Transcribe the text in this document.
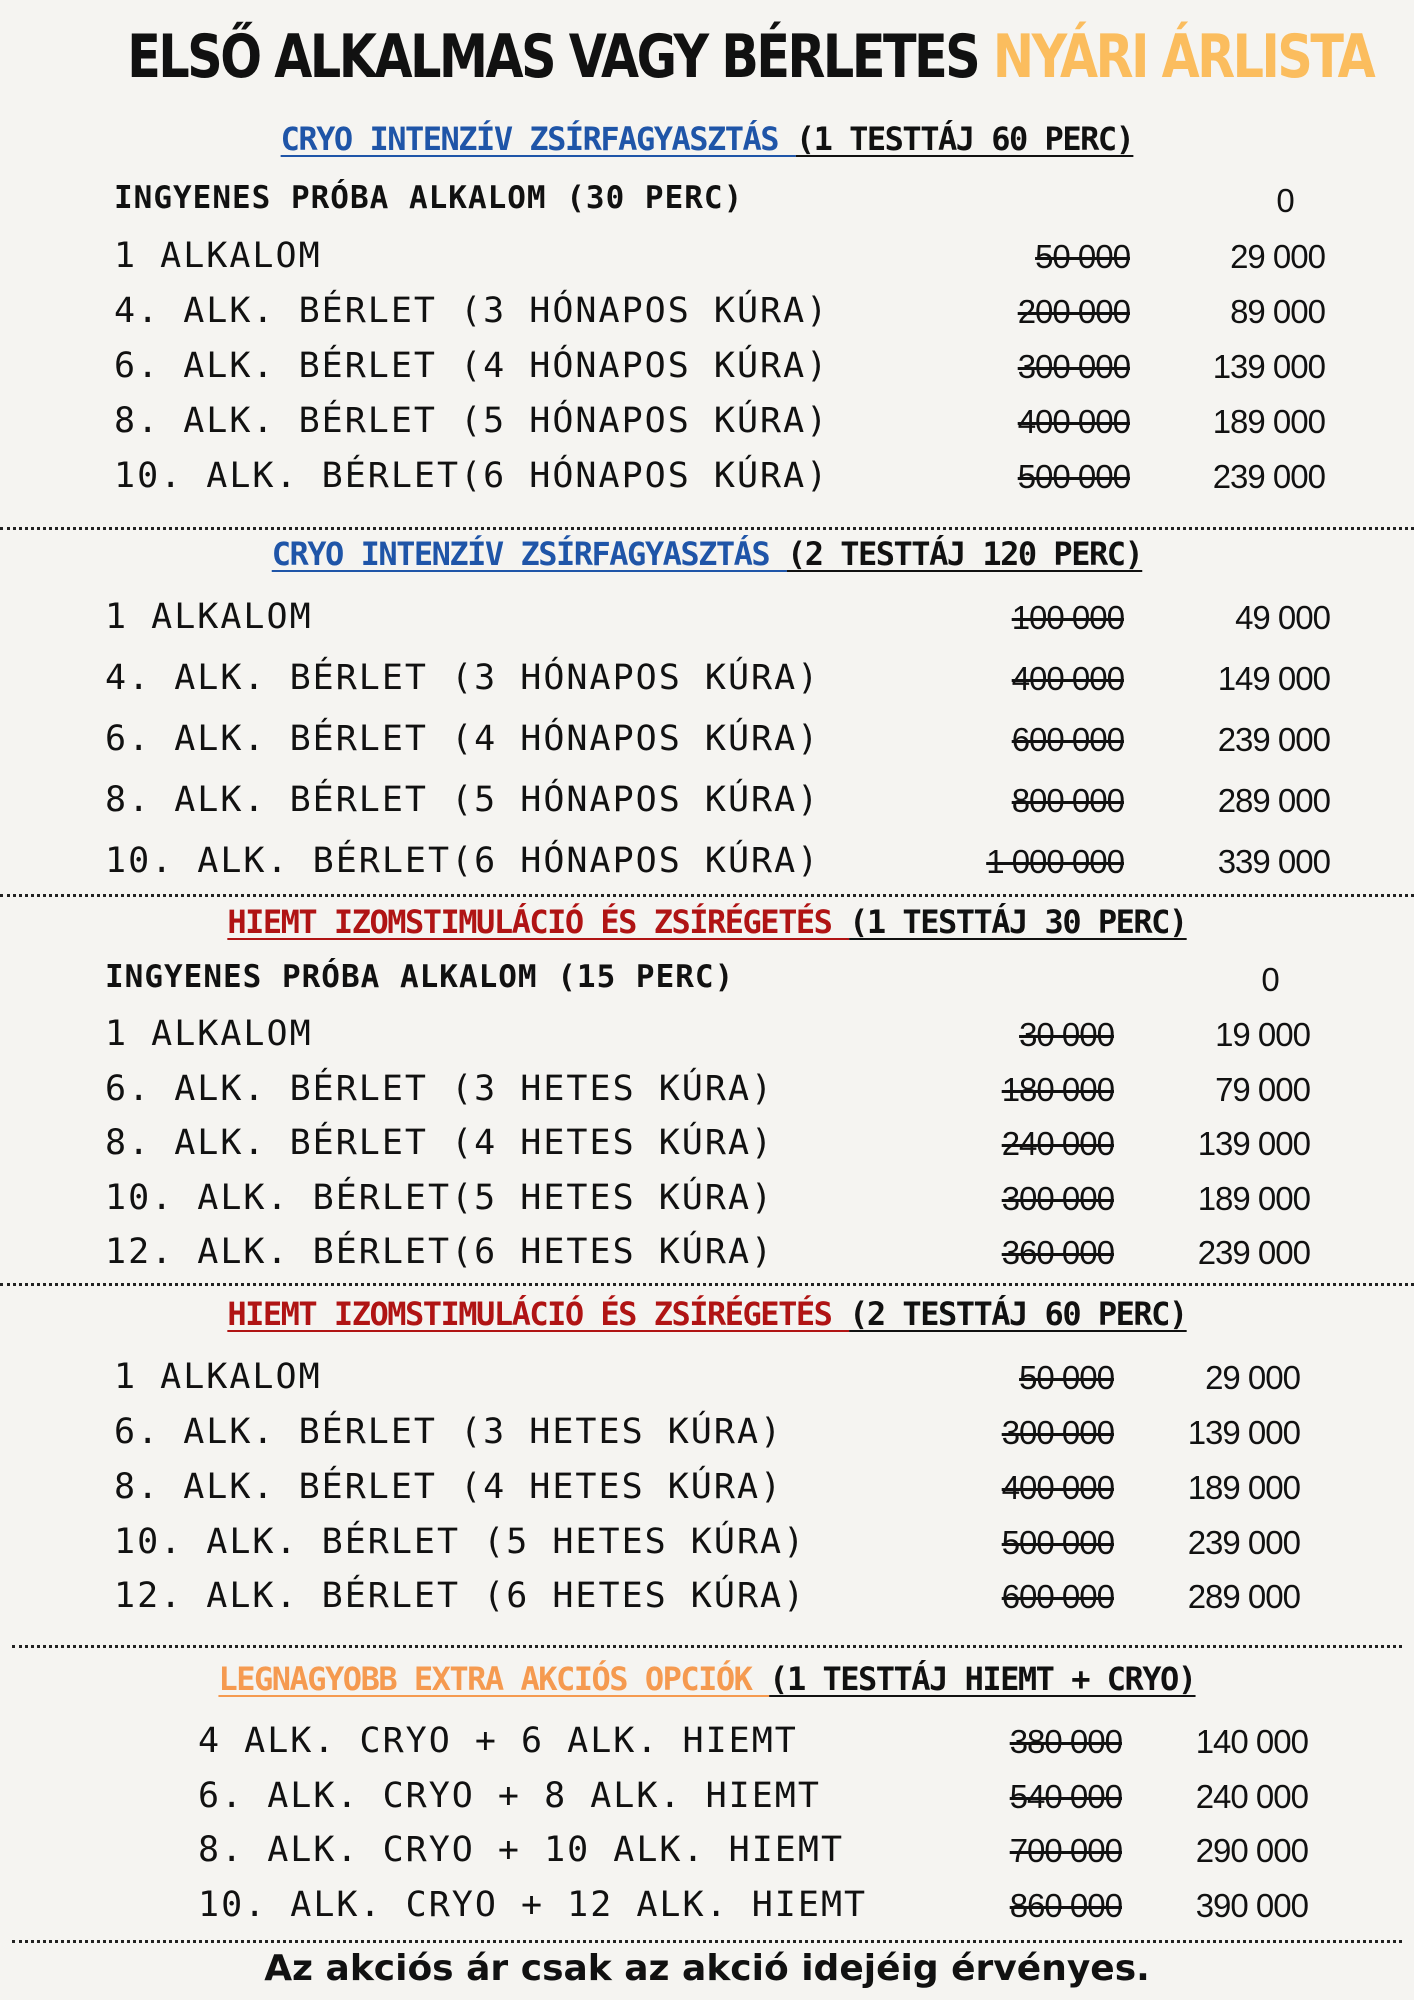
ELSŐ ALKALMAS VAGY BÉRLETES NYÁRI ÁRLISTA
CRYO INTENZÍV ZSÍRFAGYASZTÁS (1 TESTTÁJ 60 PERC)
INGYENES PRÓBA ALKALOM (30 PERC)	0
1 ALKALOM	50 000	29 000
4. ALK. BÉRLET (3 HÓNAPOS KÚRA)	200 000	89 000
6. ALK. BÉRLET (4 HÓNAPOS KÚRA)	300 000	139 000
8. ALK. BÉRLET (5 HÓNAPOS KÚRA)	400 000	189 000
10. ALK. BÉRLET(6 HÓNAPOS KÚRA)	500 000	239 000
CRYO INTENZÍV ZSÍRFAGYASZTÁS (2 TESTTÁJ 120 PERC)
1 ALKALOM	100 000	49 000
4. ALK. BÉRLET (3 HÓNAPOS KÚRA)	400 000	149 000
6. ALK. BÉRLET (4 HÓNAPOS KÚRA)	600 000	239 000
8. ALK. BÉRLET (5 HÓNAPOS KÚRA)	800 000	289 000
10. ALK. BÉRLET(6 HÓNAPOS KÚRA)	1 000 000	339 000
HIEMT IZOMSTIMULÁCIÓ ÉS ZSÍRÉGETÉS (1 TESTTÁJ 30 PERC)
INGYENES PRÓBA ALKALOM (15 PERC)	0
1 ALKALOM	30 000	19 000
6. ALK. BÉRLET (3 HETES KÚRA)	180 000	79 000
8. ALK. BÉRLET (4 HETES KÚRA)	240 000	139 000
10. ALK. BÉRLET(5 HETES KÚRA)	300 000	189 000
12. ALK. BÉRLET(6 HETES KÚRA)	360 000	239 000
HIEMT IZOMSTIMULÁCIÓ ÉS ZSÍRÉGETÉS (2 TESTTÁJ 60 PERC)
1 ALKALOM	50 000	29 000
6. ALK. BÉRLET (3 HETES KÚRA)	300 000	139 000
8. ALK. BÉRLET (4 HETES KÚRA)	400 000	189 000
10. ALK. BÉRLET (5 HETES KÚRA)	500 000	239 000
12. ALK. BÉRLET (6 HETES KÚRA)	600 000	289 000
LEGNAGYOBB EXTRA AKCIÓS OPCIÓK (1 TESTTÁJ HIEMT + CRYO)
4 ALK. CRYO + 6 ALK. HIEMT	380 000	140 000
6. ALK. CRYO + 8 ALK. HIEMT	540 000	240 000
8. ALK. CRYO + 10 ALK. HIEMT	700 000	290 000
10. ALK. CRYO + 12 ALK. HIEMT	860 000	390 000
Az akciós ár csak az akció idejéig érvényes.
